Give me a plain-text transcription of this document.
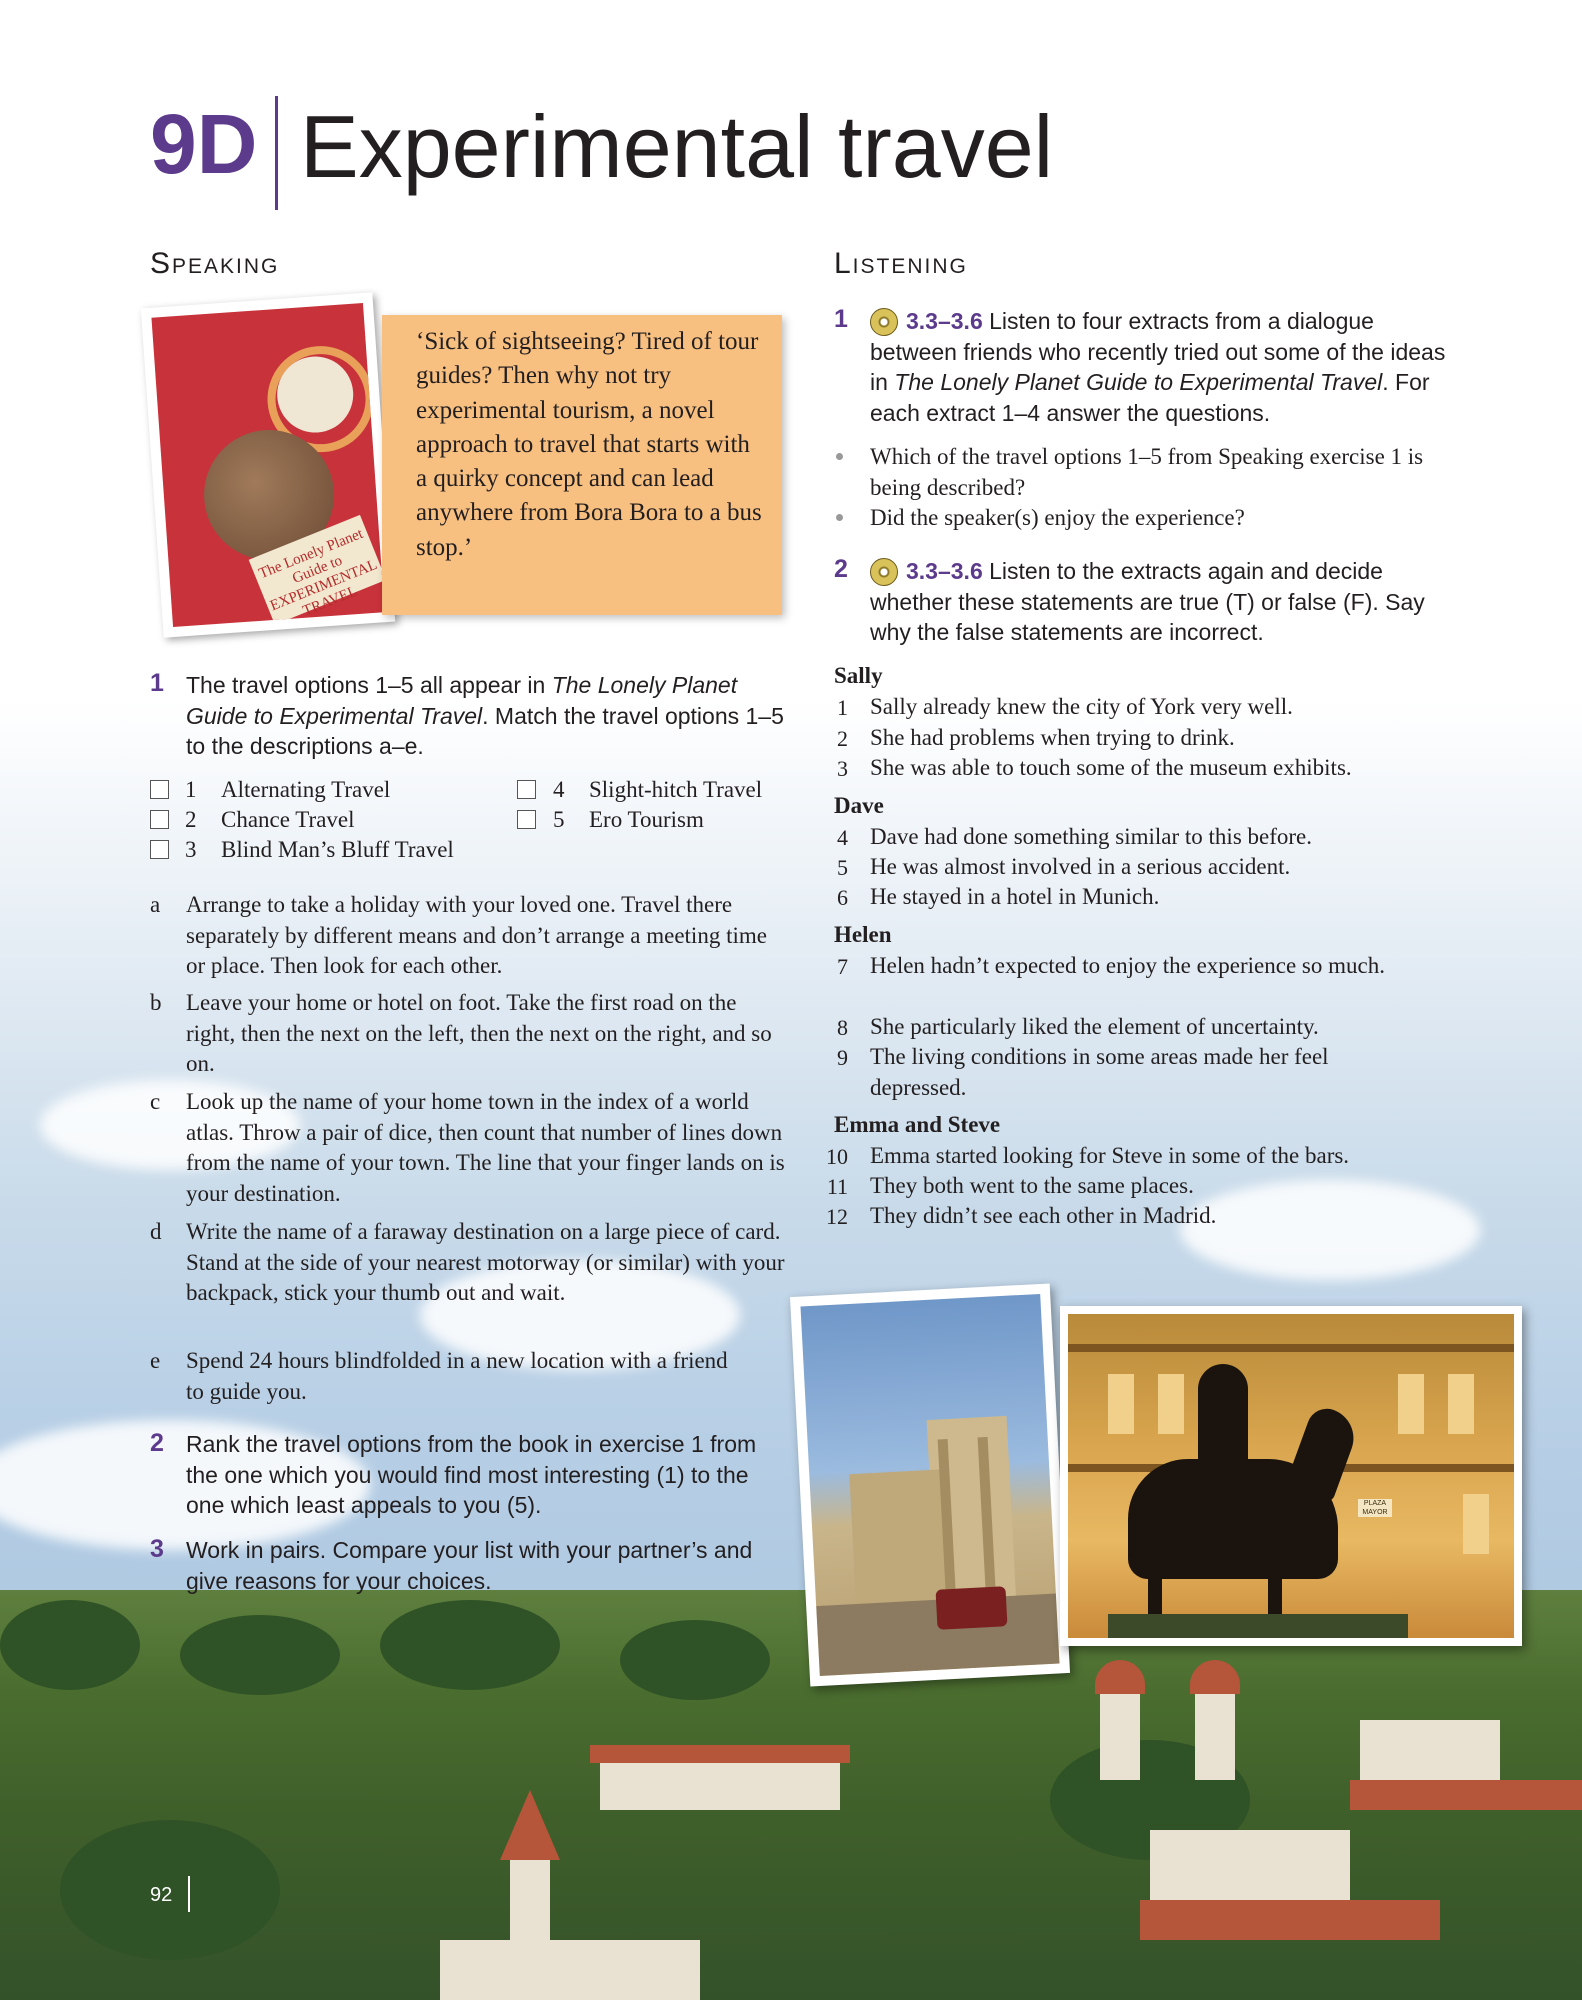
9D Experimental travel
Speaking
The Lonely Planet Guide to EXPERIMENTAL TRAVEL
‘Sick of sightseeing? Tired of tour guides? Then why not try experimental tourism, a novel approach to travel that starts with a quirky concept and can lead anywhere from Bora Bora to a bus stop.’
1 The travel options 1–5 all appear in The Lonely Planet Guide to Experimental Travel. Match the travel options 1–5 to the descriptions a–e.
1 Alternating Travel
2 Chance Travel
3 Blind Man’s Bluff Travel
4 Slight-hitch Travel
5 Ero Tourism
a Arrange to take a holiday with your loved one. Travel there separately by different means and don’t arrange a meeting time or place. Then look for each other.
b Leave your home or hotel on foot. Take the first road on the right, then the next on the left, then the next on the right, and so on.
c Look up the name of your home town in the index of a world atlas. Throw a pair of dice, then count that number of lines down from the name of your town. The line that your finger lands on is your destination.
d Write the name of a faraway destination on a large piece of card. Stand at the side of your nearest motorway (or similar) with your backpack, stick your thumb out and wait.
e Spend 24 hours blindfolded in a new location with a friend to guide you.
2 Rank the travel options from the book in exercise 1 from the one which you would find most interesting (1) to the one which least appeals to you (5).
3 Work in pairs. Compare your list with your partner’s and give reasons for your choices.
Listening
1	3.3–3.6 Listen to four extracts from a dialogue between friends who recently tried out some of the ideas in The Lonely Planet Guide to Experimental Travel. For each extract 1–4 answer the questions.
Which of the travel options 1–5 from Speaking exercise 1 is being described?
Did the speaker(s) enjoy the experience?
2	3.3–3.6 Listen to the extracts again and decide whether these statements are true (T) or false (F). Say why the false statements are incorrect.
Sally
1 Sally already knew the city of York very well.
2 She had problems when trying to drink.
3 She was able to touch some of the museum exhibits.
Dave
4 Dave had done something similar to this before.
5 He was almost involved in a serious accident.
6 He stayed in a hotel in Munich.
Helen
7 Helen hadn’t expected to enjoy the experience so much.
8 She particularly liked the element of uncertainty.
9 The living conditions in some areas made her feel depressed.
Emma and Steve
10 Emma started looking for Steve in some of the bars.
11 They both went to the same places.
12 They didn’t see each other in Madrid.
PLAZA MAYOR
92
